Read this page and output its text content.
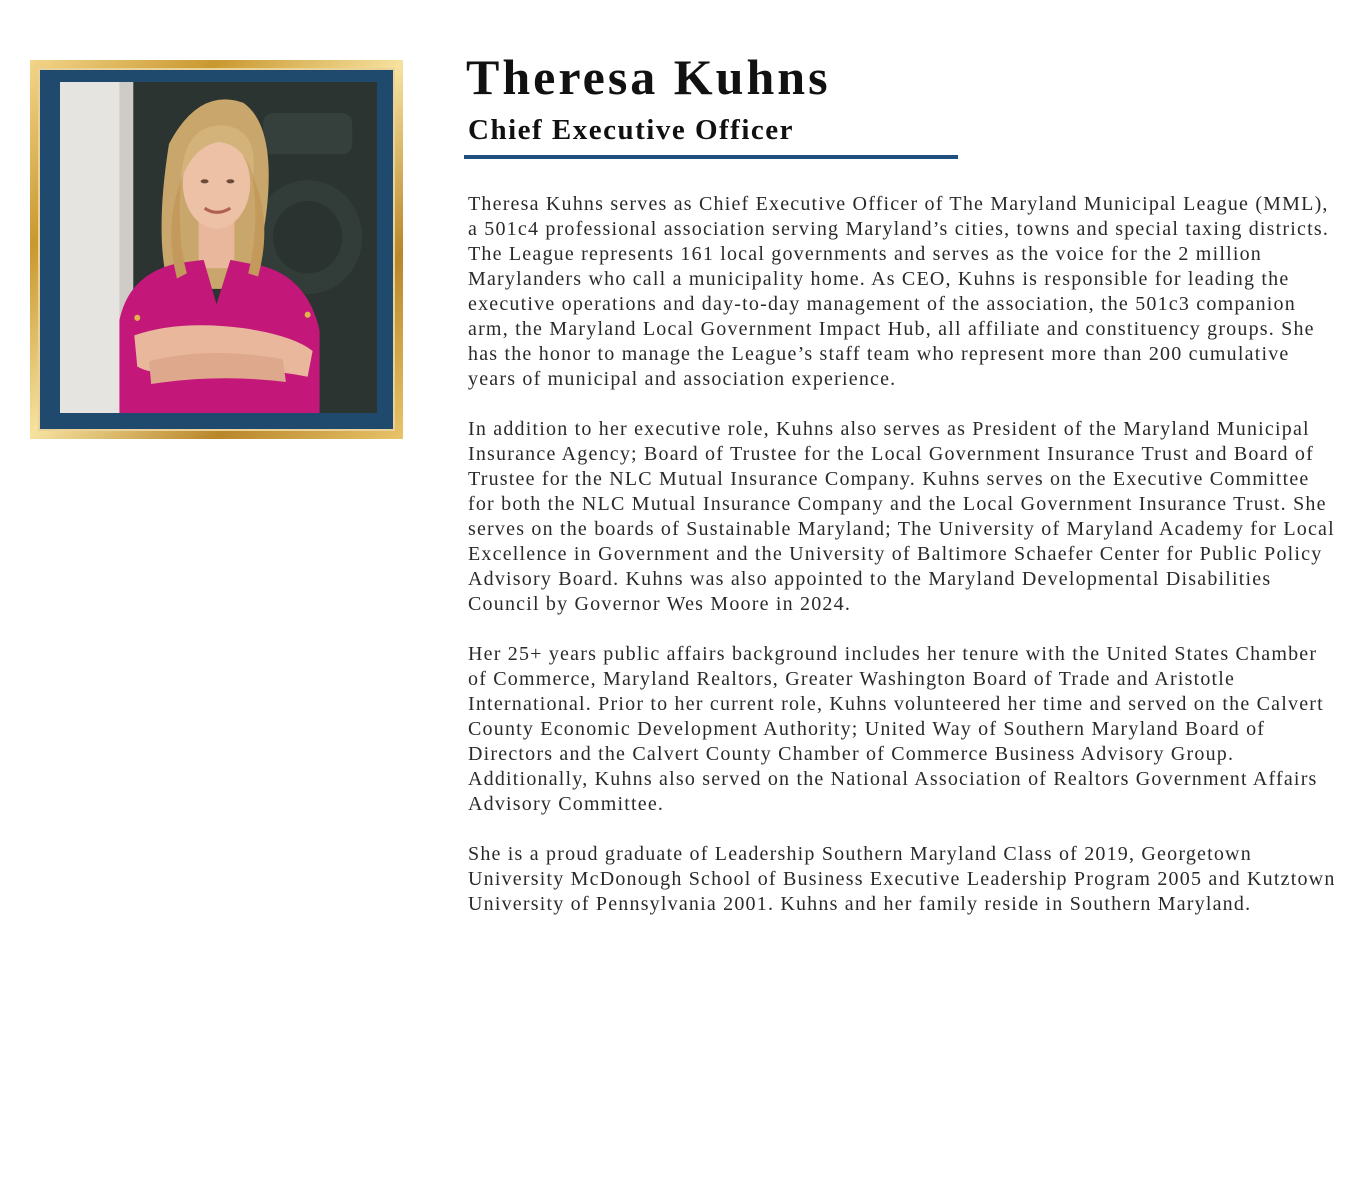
Theresa Kuhns
Chief Executive Officer

Theresa Kuhns serves as Chief Executive Officer of The Maryland Municipal League (MML), a 501c4 professional association serving Maryland’s cities, towns and special taxing districts. The League represents 161 local governments and serves as the voice for the 2 million Marylanders who call a municipality home. As CEO, Kuhns is responsible for leading the executive operations and day-to-day management of the association, the 501c3 companion arm, the Maryland Local Government Impact Hub, all affiliate and constituency groups. She has the honor to manage the League’s staff team who represent more than 200 cumulative years of municipal and association experience.

In addition to her executive role, Kuhns also serves as President of the Maryland Municipal Insurance Agency; Board of Trustee for the Local Government Insurance Trust and Board of Trustee for the NLC Mutual Insurance Company. Kuhns serves on the Executive Committee for both the NLC Mutual Insurance Company and the Local Government Insurance Trust. She serves on the boards of Sustainable Maryland; The University of Maryland Academy for Local Excellence in Government and the University of Baltimore Schaefer Center for Public Policy Advisory Board. Kuhns was also appointed to the Maryland Developmental Disabilities Council by Governor Wes Moore in 2024.

Her 25+ years public affairs background includes her tenure with the United States Chamber of Commerce, Maryland Realtors, Greater Washington Board of Trade and Aristotle International. Prior to her current role, Kuhns volunteered her time and served on the Calvert County Economic Development Authority; United Way of Southern Maryland Board of Directors and the Calvert County Chamber of Commerce Business Advisory Group. Additionally, Kuhns also served on the National Association of Realtors Government Affairs Advisory Committee.

She is a proud graduate of Leadership Southern Maryland Class of 2019, Georgetown University McDonough School of Business Executive Leadership Program 2005 and Kutztown University of Pennsylvania 2001. Kuhns and her family reside in Southern Maryland.
